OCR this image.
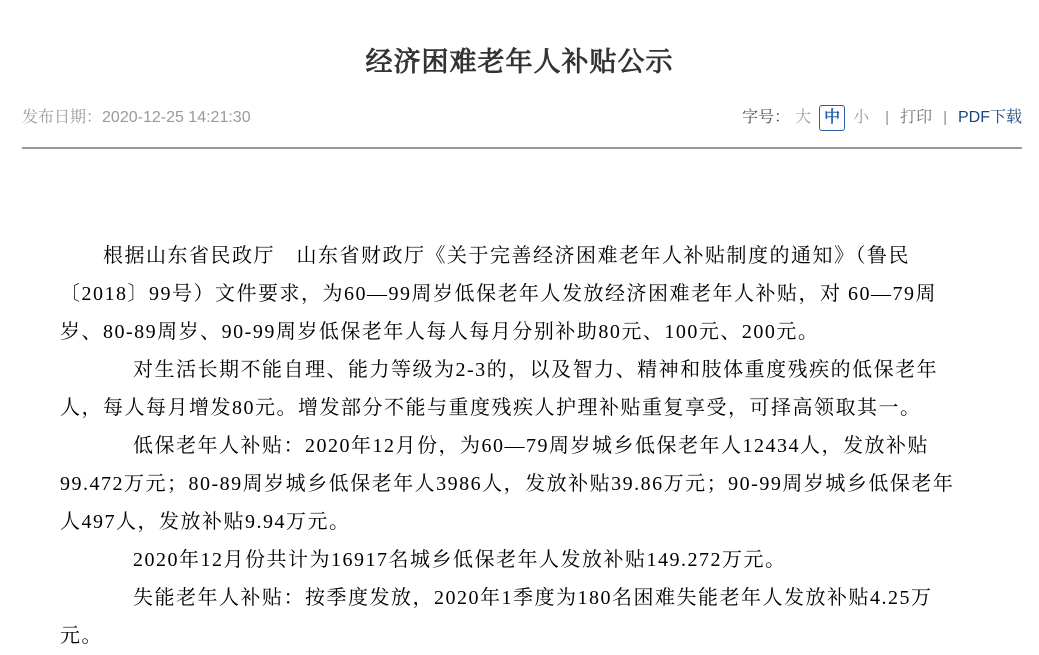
经济困难老年人补贴公示
发布日期：2020-12-25 14:21:30	字号： 大 中 小 | 打印 | PDF下载

根据山东省民政厅　山东省财政厅《关于完善经济困难老年人补贴制度的通知》（鲁民〔2018〕99号）文件要求，为60—99周岁低保老年人发放经济困难老年人补贴，对 60—79周岁、80-89周岁、90-99周岁低保老年人每人每月分别补助80元、100元、200元。

对生活长期不能自理、能力等级为2-3的，以及智力、精神和肢体重度残疾的低保老年人，每人每月增发80元。增发部分不能与重度残疾人护理补贴重复享受，可择高领取其一。

低保老年人补贴：2020年12月份，为60—79周岁城乡低保老年人12434人，发放补贴99.472万元；80-89周岁城乡低保老年人3986人，发放补贴39.86万元；90-99周岁城乡低保老年人497人，发放补贴9.94万元。

2020年12月份共计为16917名城乡低保老年人发放补贴149.272万元。

失能老年人补贴：按季度发放，2020年1季度为180名困难失能老年人发放补贴4.25万元。
